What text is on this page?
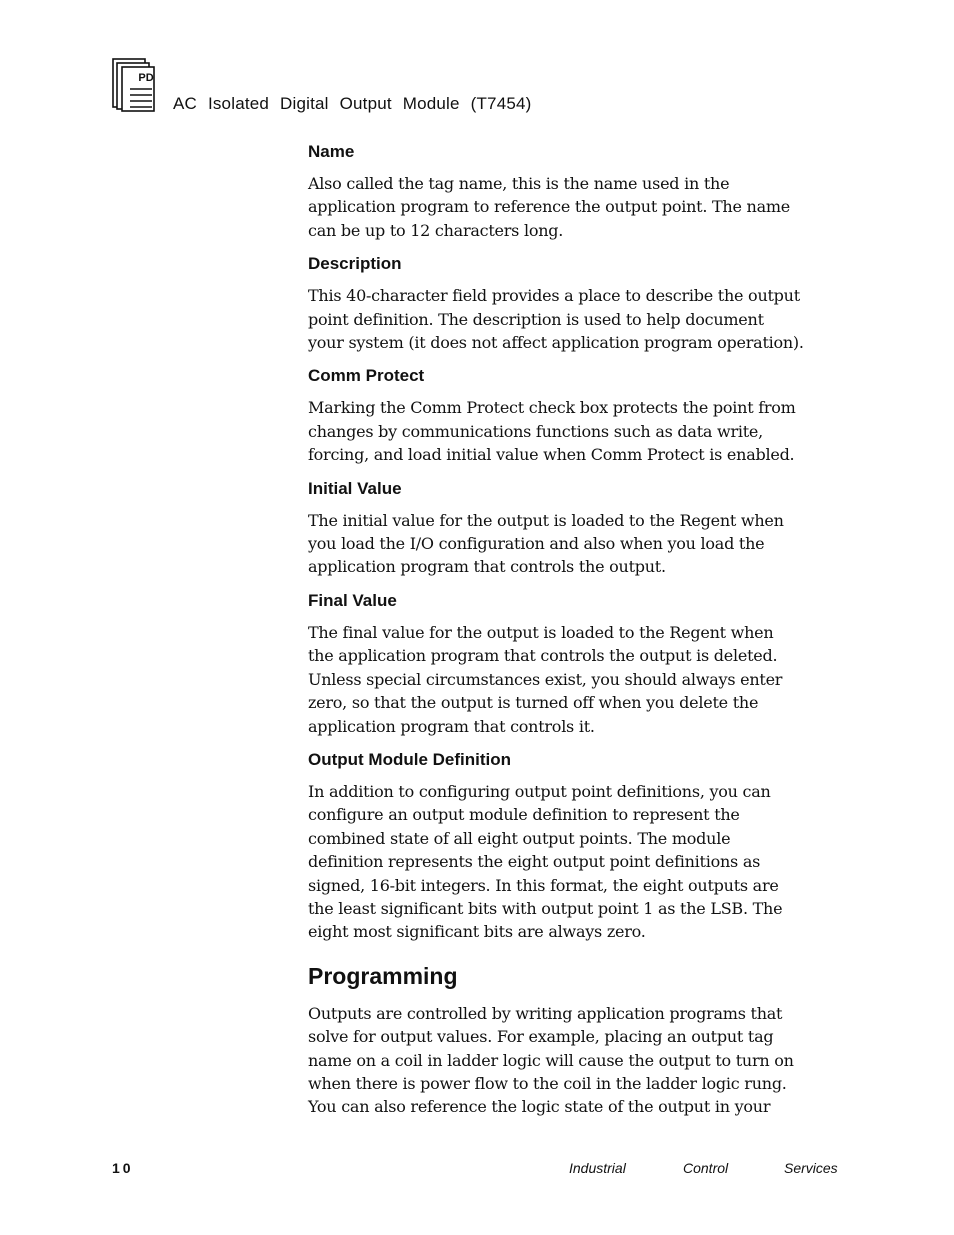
PD
AC Isolated Digital Output Module (T7454)
Name

Also called the tag name, this is the name used in the
application program to reference the output point. The name
can be up to 12 characters long.

Description

This 40-character field provides a place to describe the output
point definition. The description is used to help document
your system (it does not affect application program operation).

Comm Protect

Marking the Comm Protect check box protects the point from
changes by communications functions such as data write,
forcing, and load initial value when Comm Protect is enabled.

Initial Value

The initial value for the output is loaded to the Regent when
you load the I/O configuration and also when you load the
application program that controls the output.

Final Value

The final value for the output is loaded to the Regent when
the application program that controls the output is deleted.
Unless special circumstances exist, you should always enter
zero, so that the output is turned off when you delete the
application program that controls it.

Output Module Definition

In addition to configuring output point definitions, you can
configure an output module definition to represent the
combined state of all eight output points. The module
definition represents the eight output point definitions as
signed, 16-bit integers. In this format, the eight outputs are
the least significant bits with output point 1 as the LSB. The
eight most significant bits are always zero.

Programming

Outputs are controlled by writing application programs that
solve for output values. For example, placing an output tag
name on a coil in ladder logic will cause the output to turn on
when there is power flow to the coil in the ladder logic rung.
You can also reference the logic state of the output in your

10	Industrial	Control	Services
